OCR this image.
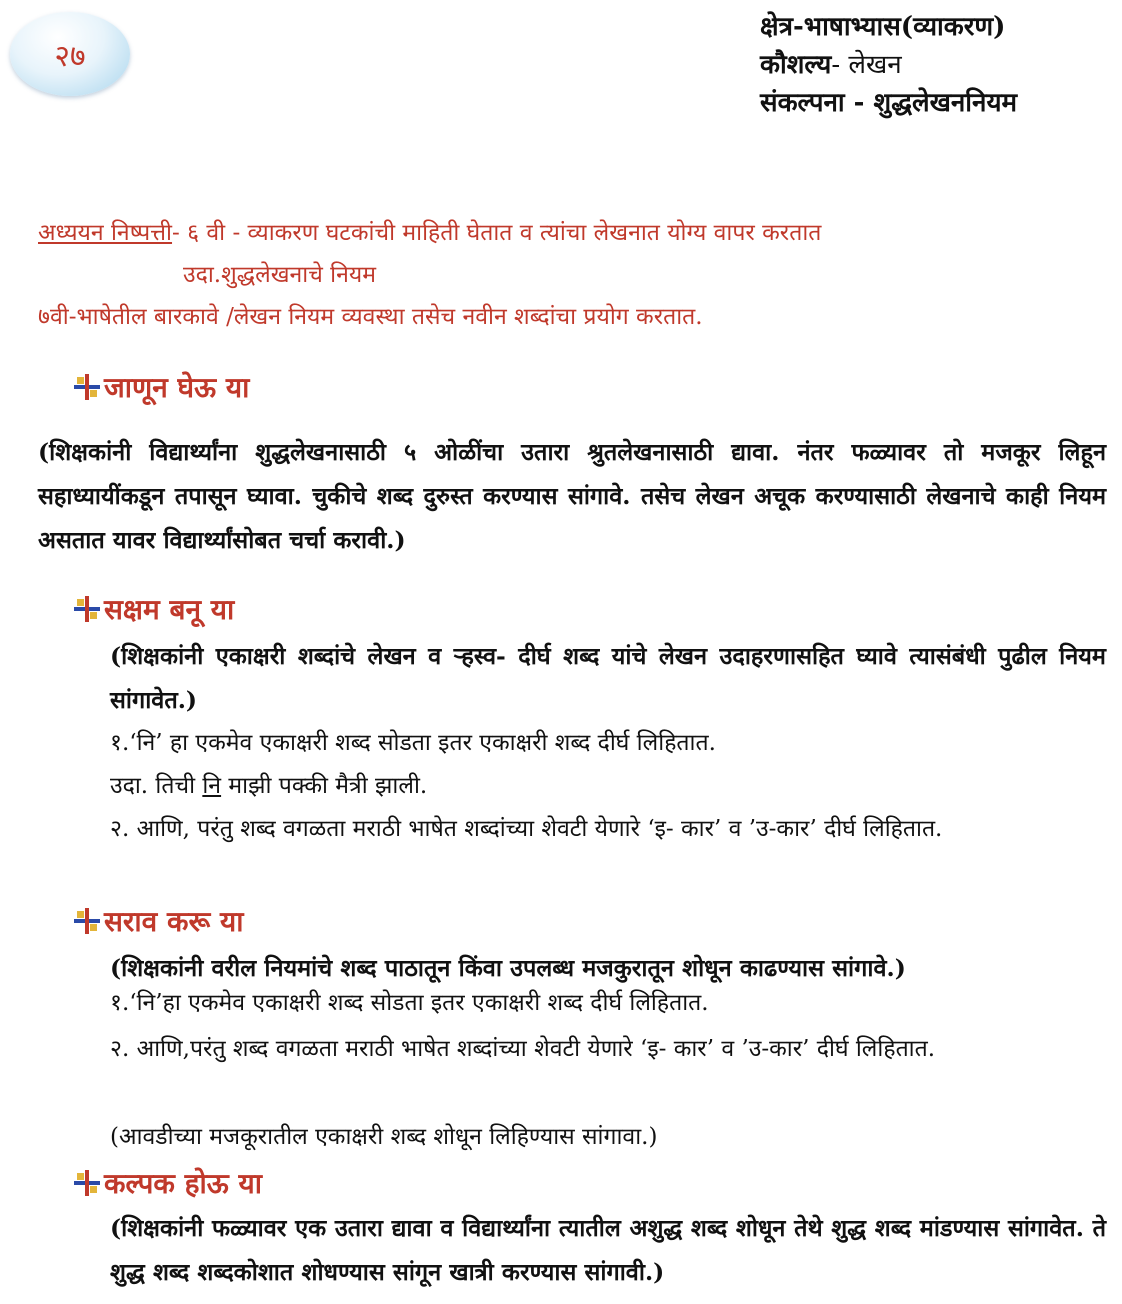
२७
क्षेत्र-भाषाभ्यास(व्याकरण)
कौशल्य- लेखन
संकल्पना - शुद्धलेखननियम
अध्ययन निष्पत्ती- ६ वी - व्याकरण घटकांची माहिती घेतात व त्यांचा लेखनात योग्य वापर करतात
उदा.शुद्धलेखनाचे नियम
७वी-भाषेतील बारकावे /लेखन नियम व्यवस्था तसेच नवीन शब्दांचा प्रयोग करतात.
जाणून घेऊ या
(शिक्षकांनी विद्यार्थ्यांना शुद्धलेखनासाठी ५ ओळींचा उतारा श्रुतलेखनासाठी द्यावा. नंतर फळ्यावर तो मजकूर लिहून सहाध्यायींकडून तपासून घ्यावा. चुकीचे शब्द दुरुस्त करण्यास सांगावे. तसेच लेखन अचूक करण्यासाठी लेखनाचे काही नियम असतात यावर विद्यार्थ्यांसोबत चर्चा करावी.)
सक्षम बनू या
(शिक्षकांनी एकाक्षरी शब्दांचे लेखन व ऱ्हस्व- दीर्घ शब्द यांचे लेखन उदाहरणासहित घ्यावे त्यासंबंधी पुढील नियम सांगावेत.)
१.‘नि’ हा एकमेव एकाक्षरी शब्द सोडता इतर एकाक्षरी शब्द दीर्घ लिहितात.
उदा. तिची नि माझी पक्की मैत्री झाली.
२. आणि, परंतु शब्द वगळता मराठी भाषेत शब्दांच्या शेवटी येणारे ‘इ- कार’ व ’उ-कार’ दीर्घ लिहितात.
सराव करू या
(शिक्षकांनी वरील नियमांचे शब्द पाठातून किंवा उपलब्ध मजकुरातून शोधून काढण्यास सांगावे.)
१.‘नि’हा एकमेव एकाक्षरी शब्द सोडता इतर एकाक्षरी शब्द दीर्घ लिहितात.
२. आणि,परंतु शब्द वगळता मराठी भाषेत शब्दांच्या शेवटी येणारे ‘इ- कार’ व ’उ-कार’ दीर्घ लिहितात.
(आवडीच्या मजकूरातील एकाक्षरी शब्द शोधून लिहिण्यास सांगावा.)
कल्पक होऊ या
(शिक्षकांनी फळ्यावर एक उतारा द्यावा व विद्यार्थ्यांना त्यातील अशुद्ध शब्द शोधून तेथे शुद्ध शब्द मांडण्यास सांगावेत. ते शुद्ध शब्द शब्दकोशात शोधण्यास सांगून खात्री करण्यास सांगावी.)
